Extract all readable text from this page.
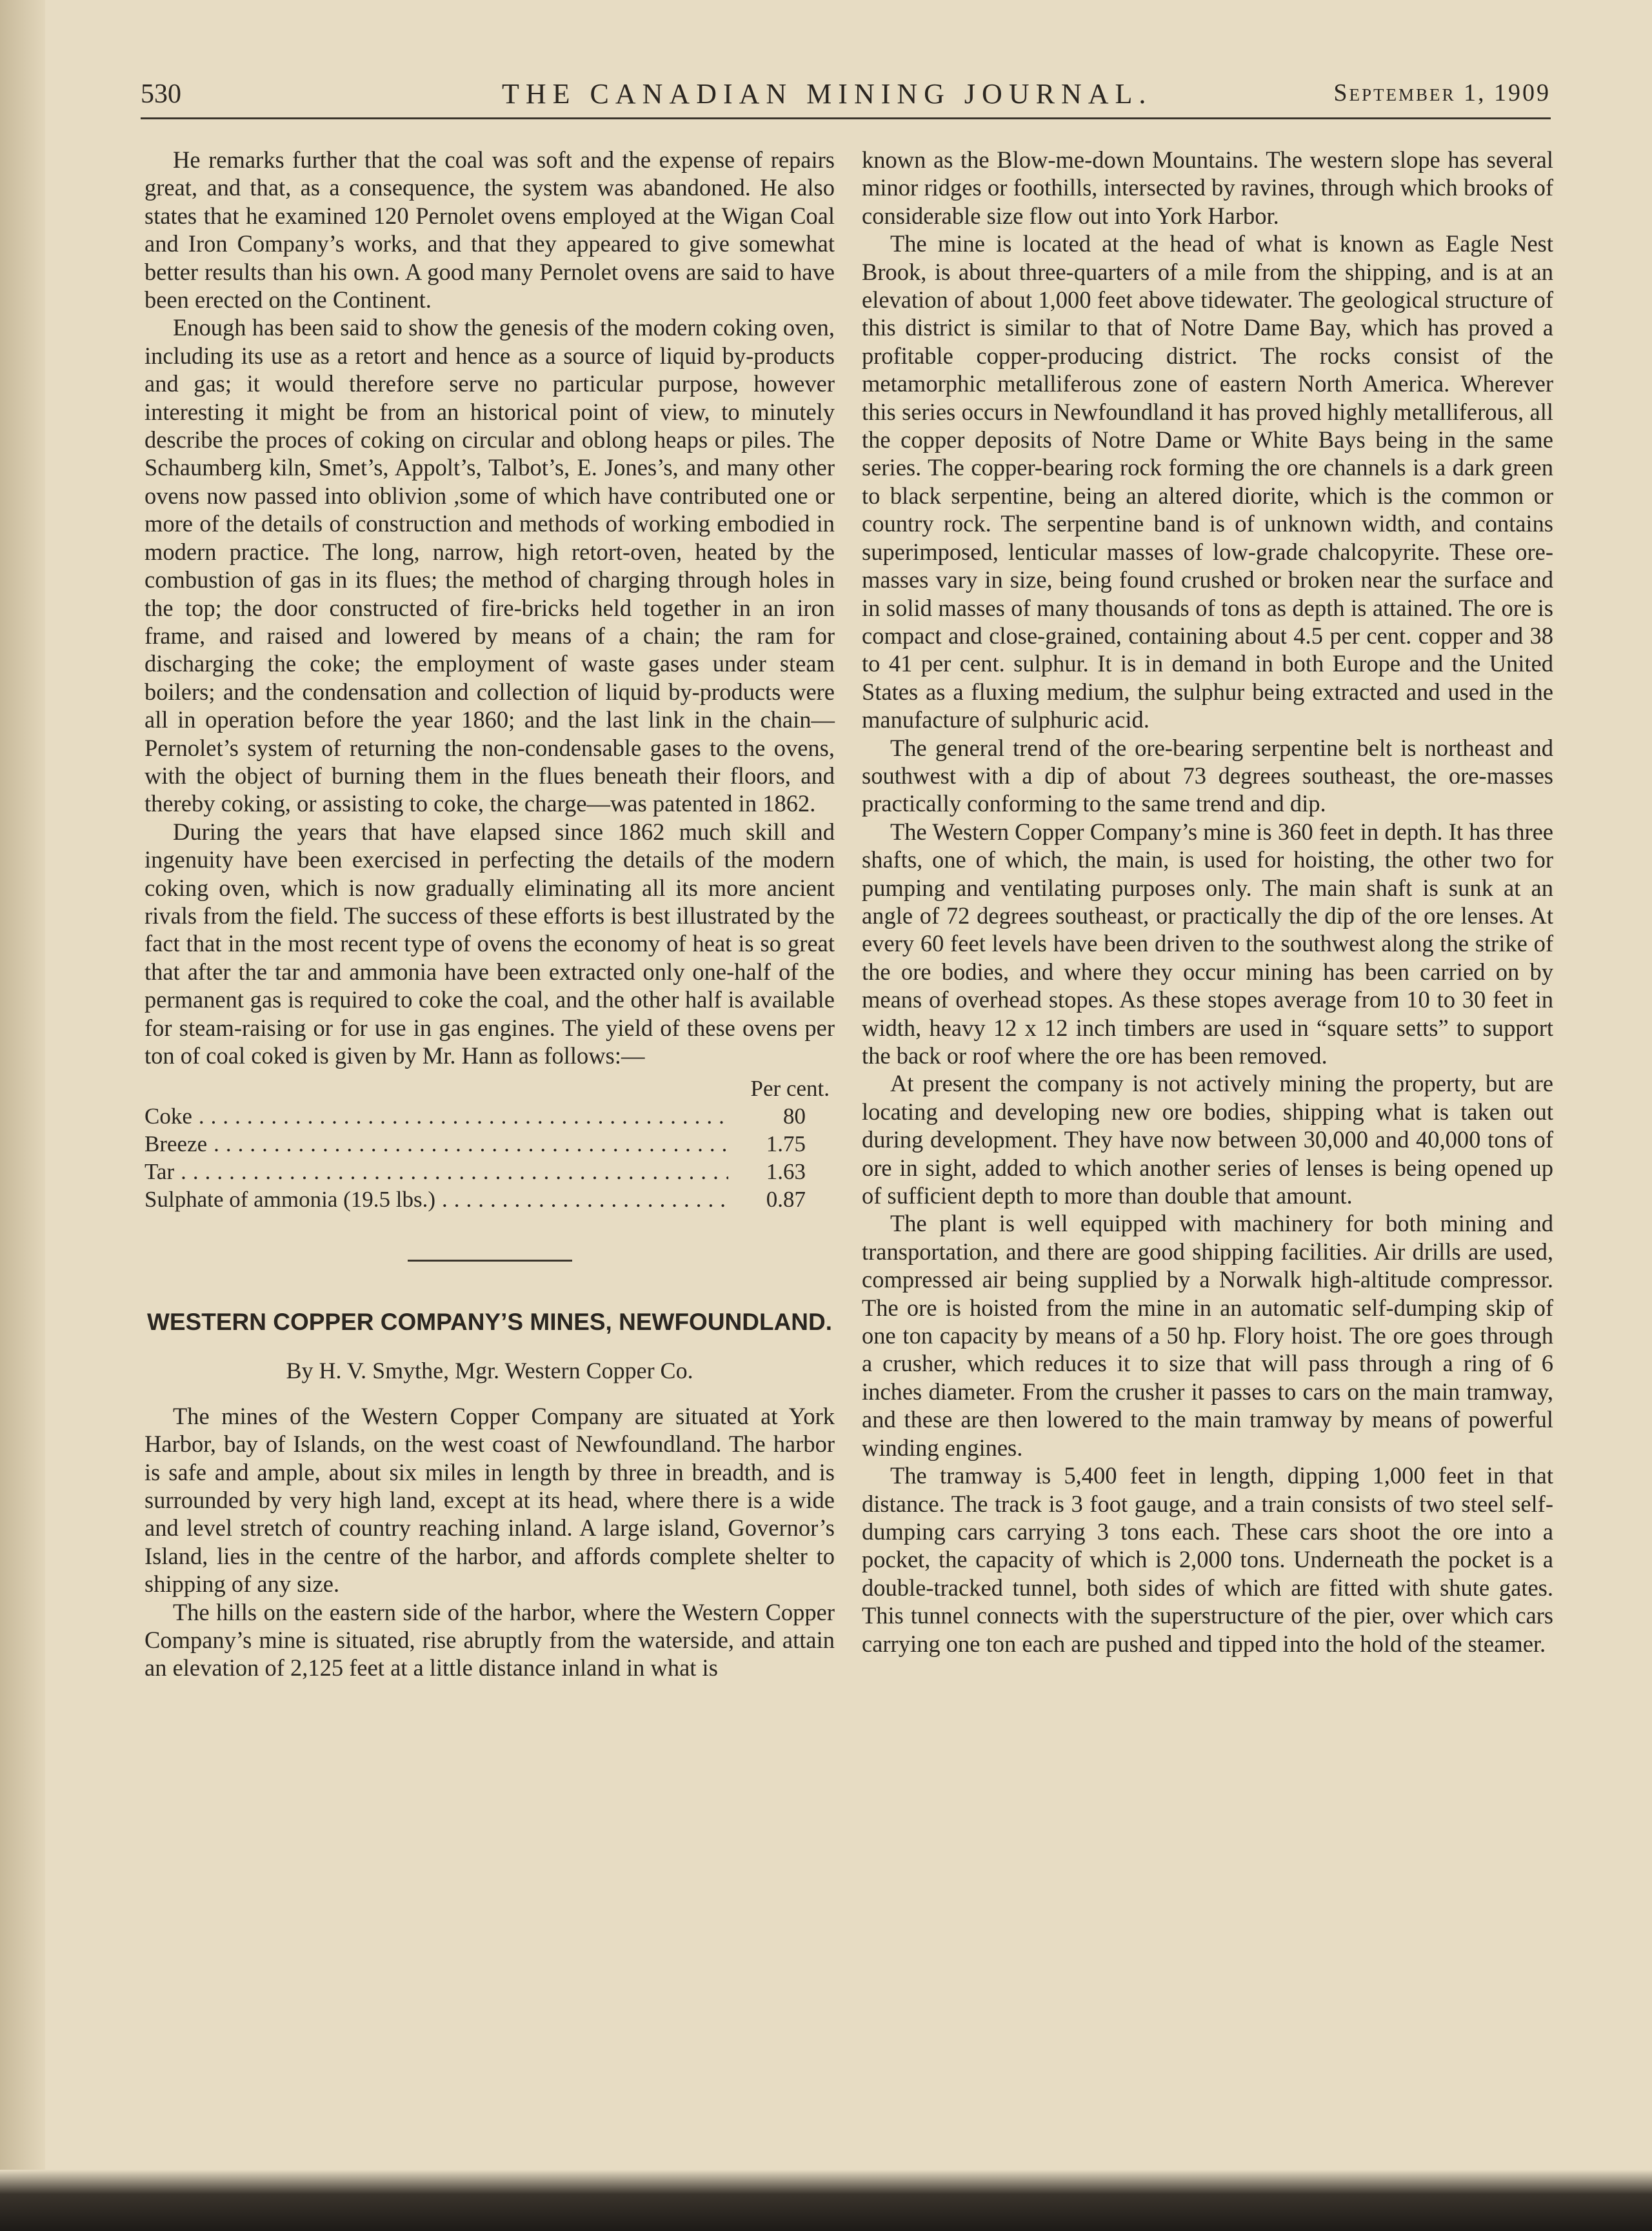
530	THE CANADIAN MINING JOURNAL.	September 1, 1909

He remarks further that the coal was soft and the expense of repairs great, and that, as a consequence, the system was abandoned. He also states that he examined 120 Pernolet ovens employed at the Wigan Coal and Iron Company’s works, and that they appeared to give somewhat better results than his own. A good many Pernolet ovens are said to have been erected on the Continent.

Enough has been said to show the genesis of the modern coking oven, including its use as a retort and hence as a source of liquid by-products and gas; it would therefore serve no particular purpose, however interesting it might be from an historical point of view, to minutely describe the proces of coking on circular and oblong heaps or piles. The Schaumberg kiln, Smet’s, Appolt’s, Talbot’s, E. Jones’s, and many other ovens now passed into oblivion ,some of which have contributed one or more of the details of construction and methods of working embodied in modern practice. The long, narrow, high retort-oven, heated by the combustion of gas in its flues; the method of charging through holes in the top; the door constructed of fire-bricks held together in an iron frame, and raised and lowered by means of a chain; the ram for discharging the coke; the employment of waste gases under steam boilers; and the condensation and collection of liquid by-products were all in operation before the year 1860; and the last link in the chain—Pernolet’s system of returning the non-condensable gases to the ovens, with the object of burning them in the flues beneath their floors, and thereby coking, or assisting to coke, the charge—was patented in 1862.

During the years that have elapsed since 1862 much skill and ingenuity have been exercised in perfecting the details of the modern coking oven, which is now gradually eliminating all its more ancient rivals from the field. The success of these efforts is best illustrated by the fact that in the most recent type of ovens the economy of heat is so great that after the tar and ammonia have been extracted only one-half of the permanent gas is required to coke the coal, and the other half is available for steam-raising or for use in gas engines. The yield of these ovens per ton of coal coked is given by Mr. Hann as follows:—

Per cent.
Coke .....	80
Breeze .....	1.75
Tar .....	1.63
Sulphate of ammonia (19.5 lbs.) .....	0.87
WESTERN COPPER COMPANY’S MINES, NEWFOUNDLAND.
By H. V. Smythe, Mgr. Western Copper Co.

The mines of the Western Copper Company are situated at York Harbor, bay of Islands, on the west coast of Newfoundland. The harbor is safe and ample, about six miles in length by three in breadth, and is surrounded by very high land, except at its head, where there is a wide and level stretch of country reaching inland. A large island, Governor’s Island, lies in the centre of the harbor, and affords complete shelter to shipping of any size.

The hills on the eastern side of the harbor, where the Western Copper Company’s mine is situated, rise abruptly from the waterside, and attain an elevation of 2,125 feet at a little distance inland in what is

known as the Blow-me-down Mountains. The western slope has several minor ridges or foothills, intersected by ravines, through which brooks of considerable size flow out into York Harbor.

The mine is located at the head of what is known as Eagle Nest Brook, is about three-quarters of a mile from the shipping, and is at an elevation of about 1,000 feet above tidewater. The geological structure of this district is similar to that of Notre Dame Bay, which has proved a profitable copper-producing district. The rocks consist of the metamorphic metalliferous zone of eastern North America. Wherever this series occurs in Newfoundland it has proved highly metalliferous, all the copper deposits of Notre Dame or White Bays being in the same series. The copper-bearing rock forming the ore channels is a dark green to black serpentine, being an altered diorite, which is the common or country rock. The serpentine band is of unknown width, and contains superimposed, lenticular masses of low-grade chalcopyrite. These ore-masses vary in size, being found crushed or broken near the surface and in solid masses of many thousands of tons as depth is attained. The ore is compact and close-grained, containing about 4.5 per cent. copper and 38 to 41 per cent. sulphur. It is in demand in both Europe and the United States as a fluxing medium, the sulphur being extracted and used in the manufacture of sulphuric acid.

The general trend of the ore-bearing serpentine belt is northeast and southwest with a dip of about 73 degrees southeast, the ore-masses practically conforming to the same trend and dip.

The Western Copper Company’s mine is 360 feet in depth. It has three shafts, one of which, the main, is used for hoisting, the other two for pumping and ventilating purposes only. The main shaft is sunk at an angle of 72 degrees southeast, or practically the dip of the ore lenses. At every 60 feet levels have been driven to the southwest along the strike of the ore bodies, and where they occur mining has been carried on by means of overhead stopes. As these stopes average from 10 to 30 feet in width, heavy 12 x 12 inch timbers are used in “square setts” to support the back or roof where the ore has been removed.

At present the company is not actively mining the property, but are locating and developing new ore bodies, shipping what is taken out during development. They have now between 30,000 and 40,000 tons of ore in sight, added to which another series of lenses is being opened up of sufficient depth to more than double that amount.

The plant is well equipped with machinery for both mining and transportation, and there are good shipping facilities. Air drills are used, compressed air being supplied by a Norwalk high-altitude compressor. The ore is hoisted from the mine in an automatic self-dumping skip of one ton capacity by means of a 50 hp. Flory hoist. The ore goes through a crusher, which reduces it to size that will pass through a ring of 6 inches diameter. From the crusher it passes to cars on the main tramway, and these are then lowered to the main tramway by means of powerful winding engines.

The tramway is 5,400 feet in length, dipping 1,000 feet in that distance. The track is 3 foot gauge, and a train consists of two steel self-dumping cars carrying 3 tons each. These cars shoot the ore into a pocket, the capacity of which is 2,000 tons. Underneath the pocket is a double-tracked tunnel, both sides of which are fitted with shute gates. This tunnel connects with the superstructure of the pier, over which cars carrying one ton each are pushed and tipped into the hold of the steamer.
